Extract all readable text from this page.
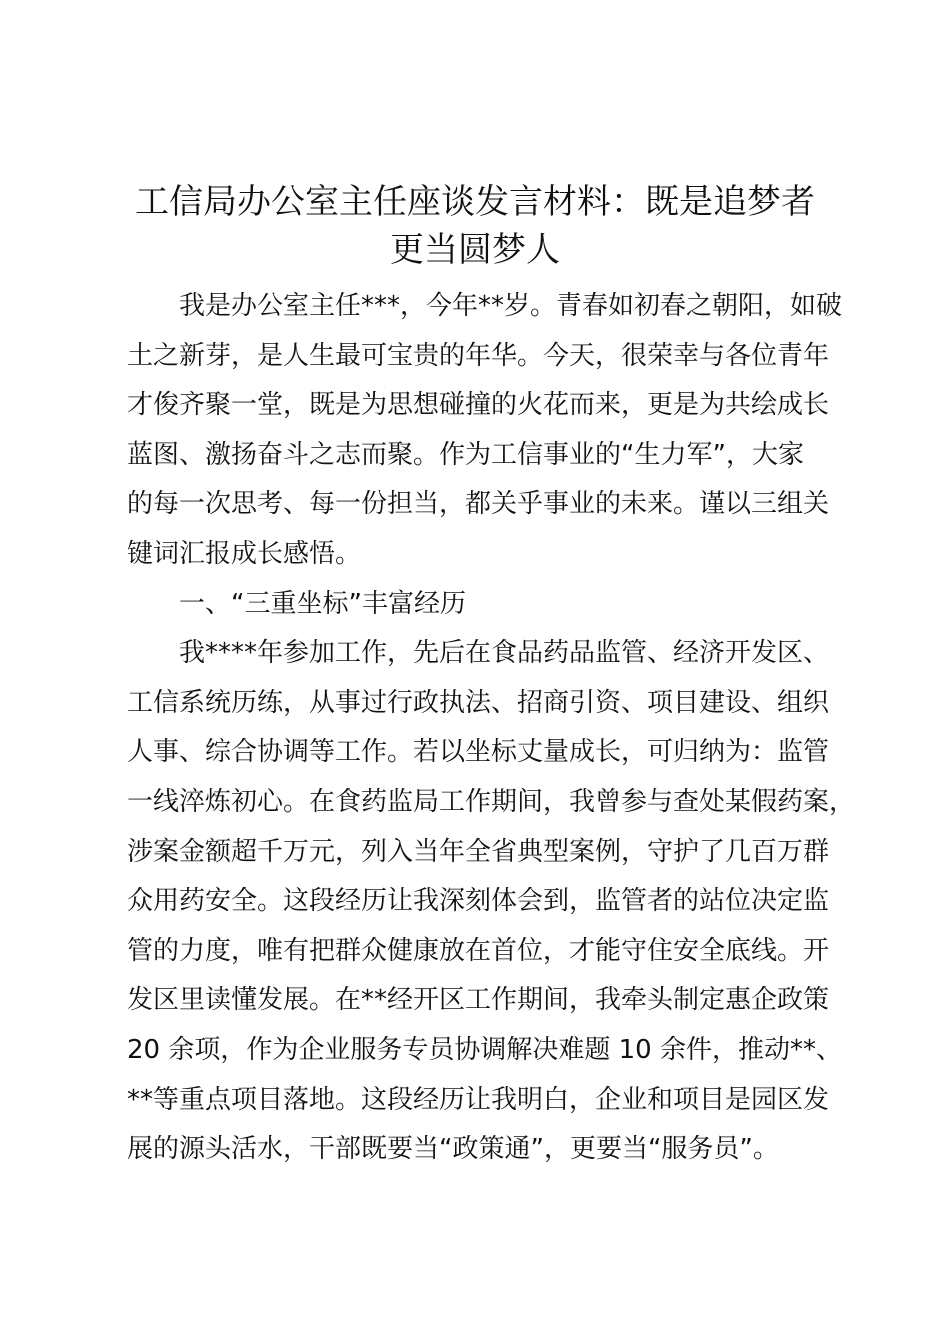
工信局办公室主任座谈发言材料：既是追梦者
更当圆梦人

我是办公室主任***，今年**岁。青春如初春之朝阳，如破
土之新芽，是人生最可宝贵的年华。今天，很荣幸与各位青年
才俊齐聚一堂，既是为思想碰撞的火花而来，更是为共绘成长
蓝图、激扬奋斗之志而聚。作为工信事业的“生力军”，大家
的每一次思考、每一份担当，都关乎事业的未来。谨以三组关
键词汇报成长感悟。

一、“三重坐标”丰富经历

我****年参加工作，先后在食品药品监管、经济开发区、
工信系统历练，从事过行政执法、招商引资、项目建设、组织
人事、综合协调等工作。若以坐标丈量成长，可归纳为：监管
一线淬炼初心。在食药监局工作期间，我曾参与查处某假药案，
涉案金额超千万元，列入当年全省典型案例，守护了几百万群
众用药安全。这段经历让我深刻体会到，监管者的站位决定监
管的力度，唯有把群众健康放在首位，才能守住安全底线。开
发区里读懂发展。在**经开区工作期间，我牵头制定惠企政策
20 余项，作为企业服务专员协调解决难题 10 余件，推动**、
**等重点项目落地。这段经历让我明白，企业和项目是园区发
展的源头活水，干部既要当“政策通”，更要当“服务员”。
